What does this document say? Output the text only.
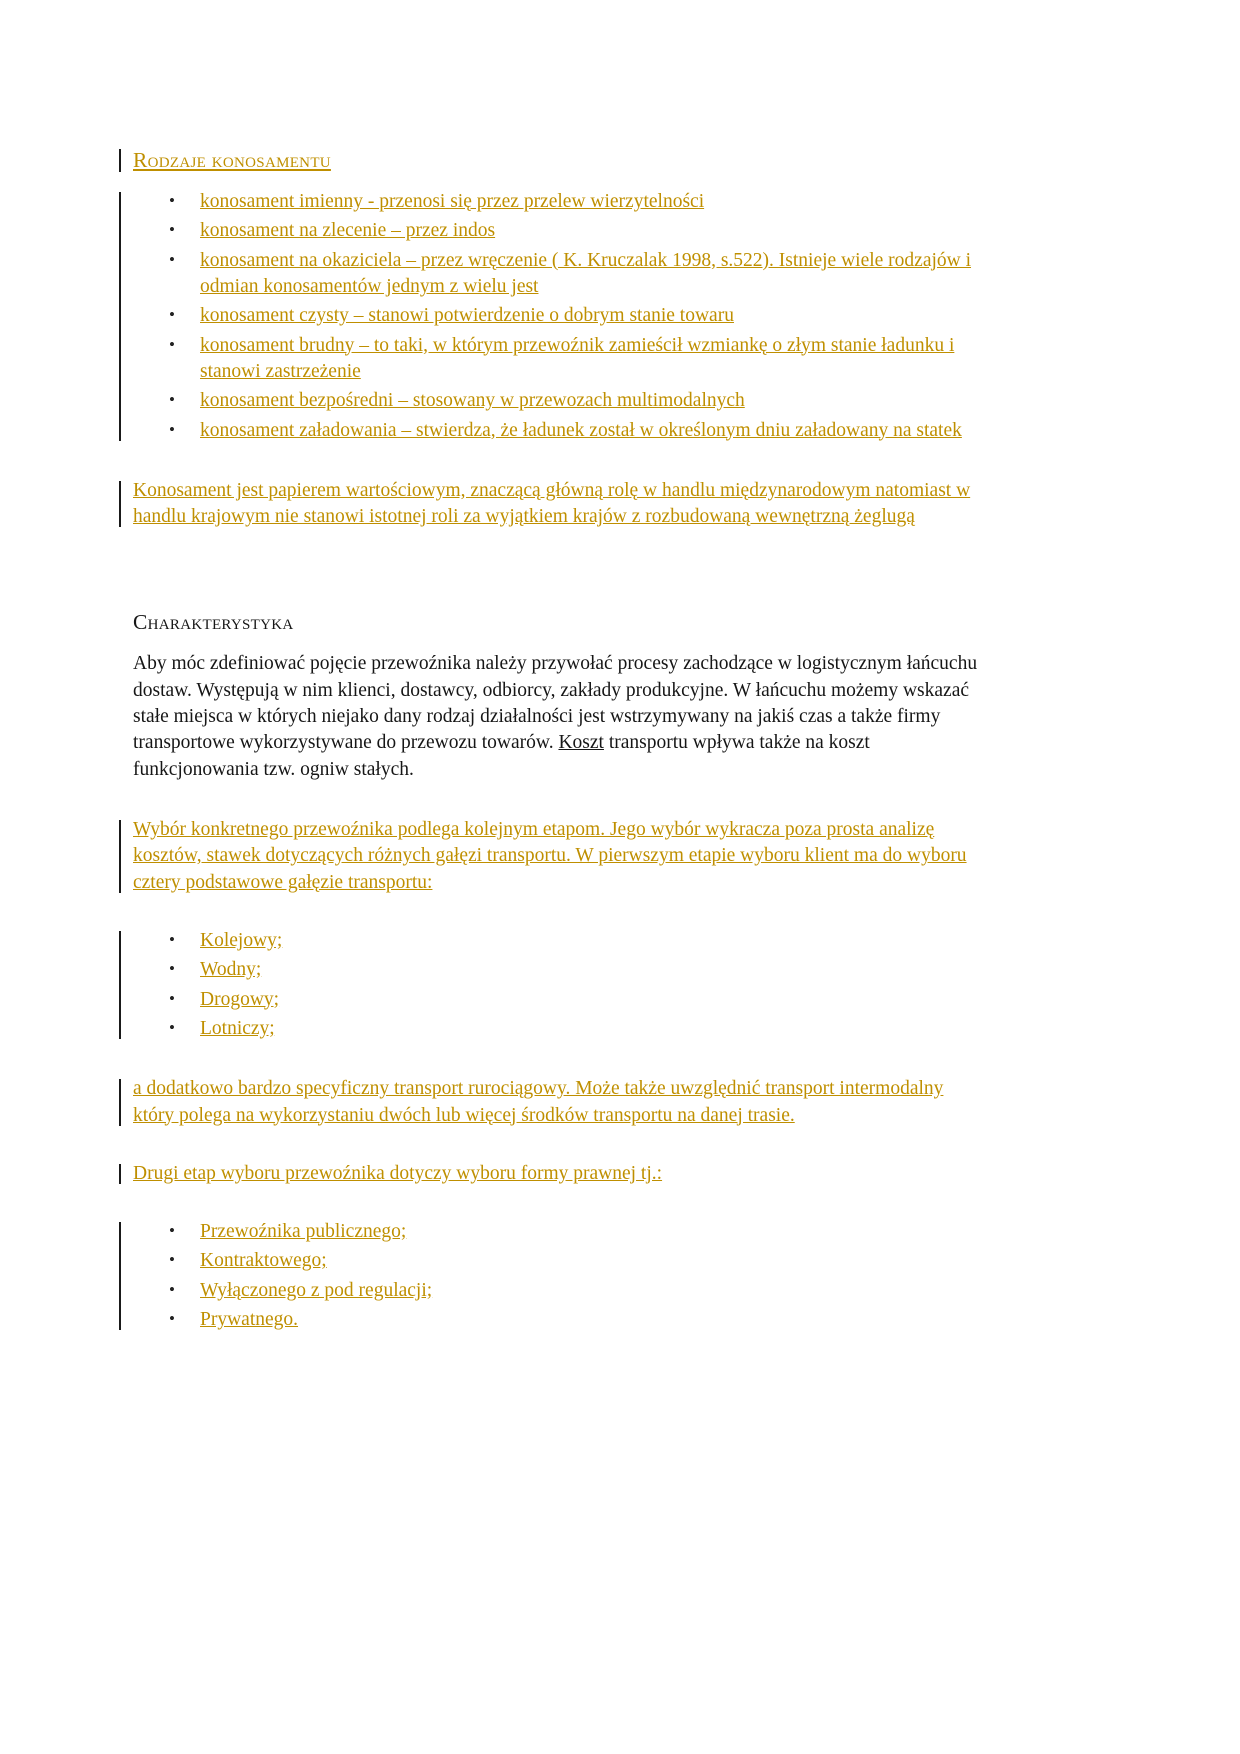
Rodzaje konosamentu
• konosament imienny - przenosi się przez przelew wierzytelności
• konosament na zlecenie – przez indos
• konosament na okaziciela – przez wręczenie ( K. Kruczalak 1998, s.522). Istnieje wiele rodzajów i odmian konosamentów jednym z wielu jest
• konosament czysty – stanowi potwierdzenie o dobrym stanie towaru
• konosament brudny – to taki, w którym przewoźnik zamieścił wzmiankę o złym stanie ładunku i stanowi zastrzeżenie
• konosament bezpośredni – stosowany w przewozach multimodalnych
• konosament załadowania – stwierdza, że ładunek został w określonym dniu załadowany na statek

Konosament jest papierem wartościowym, znaczącą główną rolę w handlu międzynarodowym natomiast w handlu krajowym nie stanowi istotnej roli za wyjątkiem krajów z rozbudowaną wewnętrzną żeglugą

Charakterystyka

Aby móc zdefiniować pojęcie przewoźnika należy przywołać procesy zachodzące w logistycznym łańcuchu dostaw. Występują w nim klienci, dostawcy, odbiorcy, zakłady produkcyjne. W łańcuchu możemy wskazać stałe miejsca w których niejako dany rodzaj działalności jest wstrzymywany na jakiś czas a także firmy transportowe wykorzystywane do przewozu towarów. Koszt transportu wpływa także na koszt funkcjonowania tzw. ogniw stałych.

Wybór konkretnego przewoźnika podlega kolejnym etapom. Jego wybór wykracza poza prosta analizę kosztów, stawek dotyczących różnych gałęzi transportu. W pierwszym etapie wyboru klient ma do wyboru cztery podstawowe gałęzie transportu:

• Kolejowy;
• Wodny;
• Drogowy;
• Lotniczy;

a dodatkowo bardzo specyficzny transport rurociągowy. Może także uwzględnić transport intermodalny który polega na wykorzystaniu dwóch lub więcej środków transportu na danej trasie.

Drugi etap wyboru przewoźnika dotyczy wyboru formy prawnej tj.:

• Przewoźnika publicznego;
• Kontraktowego;
• Wyłączonego z pod regulacji;
• Prywatnego.
